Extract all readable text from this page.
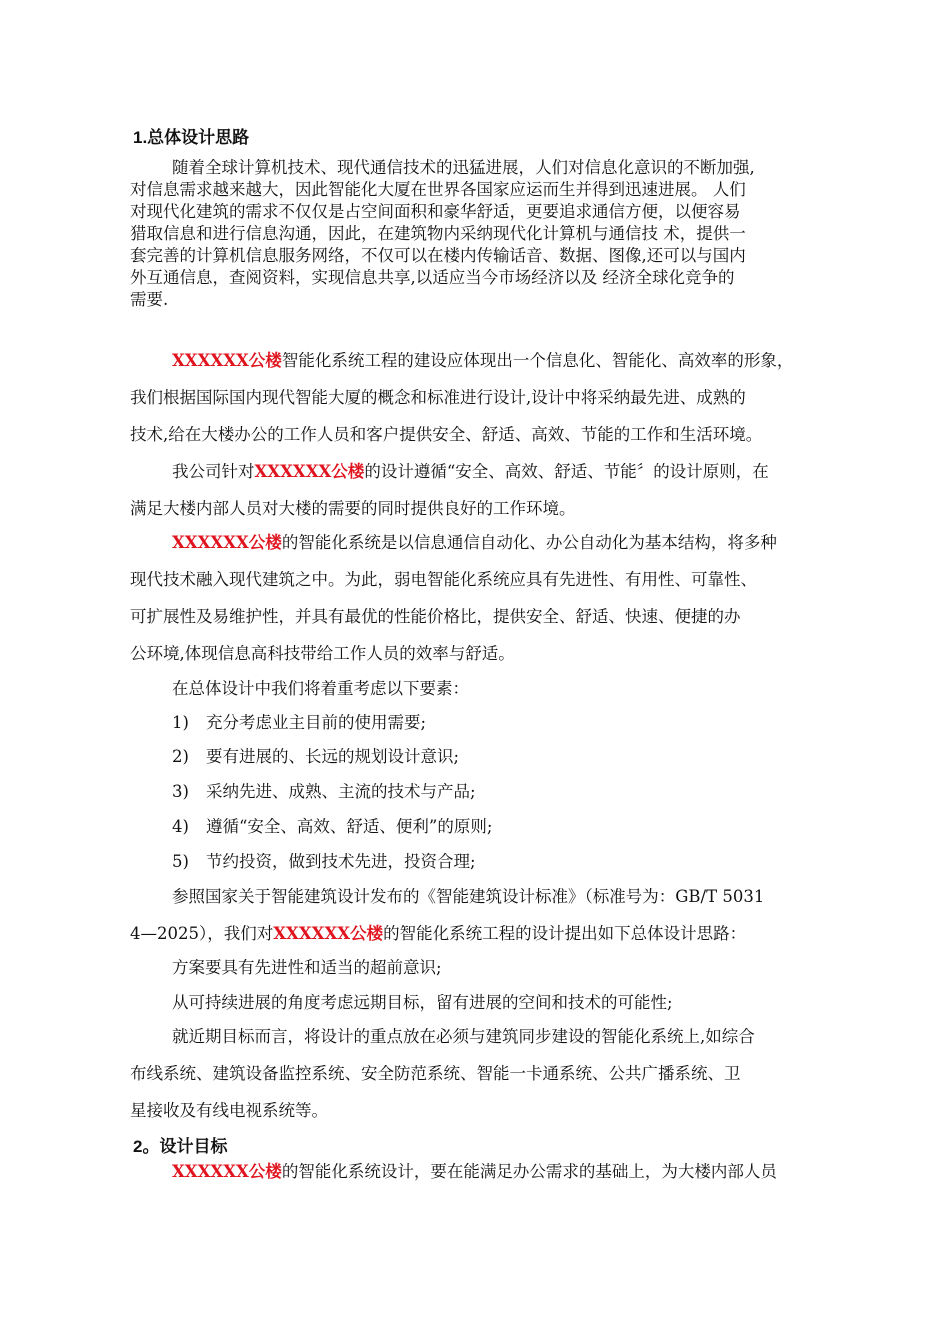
1.总体设计思路
随着全球计算机技术、现代通信技术的迅猛进展，人们对信息化意识的不断加强,
对信息需求越来越大，因此智能化大厦在世界各国家应运而生并得到迅速进展。 人们
对现代化建筑的需求不仅仅是占空间面积和豪华舒适，更要追求通信方便，以便容易
猎取信息和进行信息沟通，因此，在建筑物内采纳现代化计算机与通信技 术，提供一
套完善的计算机信息服务网络，不仅可以在楼内传输话音、数据、图像,还可以与国内
外互通信息，查阅资料，实现信息共享,以适应当今市场经济以及 经济全球化竞争的
需要.
XXXXXX公楼智能化系统工程的建设应体现出一个信息化、智能化、高效率的形象，
我们根据国际国内现代智能大厦的概念和标准进行设计,设计中将采纳最先进、成熟的
技术,给在大楼办公的工作人员和客户提供安全、舒适、高效、节能的工作和生活环境。
我公司针对XXXXXX公楼的设计遵循“安全、高效、舒适、节能〞的设计原则，在
满足大楼内部人员对大楼的需要的同时提供良好的工作环境。
XXXXXX公楼的智能化系统是以信息通信自动化、办公自动化为基本结构，将多种
现代技术融入现代建筑之中。为此，弱电智能化系统应具有先进性、有用性、可靠性、
可扩展性及易维护性，并具有最优的性能价格比，提供安全、舒适、快速、便捷的办
公环境,体现信息高科技带给工作人员的效率与舒适。
在总体设计中我们将着重考虑以下要素：
1) 充分考虑业主目前的使用需要;
2) 要有进展的、长远的规划设计意识;
3) 采纳先进、成熟、主流的技术与产品;
4) 遵循“安全、高效、舒适、便利”的原则;
5) 节约投资，做到技术先进，投资合理;
参照国家关于智能建筑设计发布的《智能建筑设计标准》（标准号为：GB/T 5031
4—2025），我们对XXXXXX公楼的智能化系统工程的设计提出如下总体设计思路：
方案要具有先进性和适当的超前意识;
从可持续进展的角度考虑远期目标，留有进展的空间和技术的可能性;
就近期目标而言，将设计的重点放在必须与建筑同步建设的智能化系统上,如综合
布线系统、建筑设备监控系统、安全防范系统、智能一卡通系统、公共广播系统、卫
星接收及有线电视系统等。
2。设计目标
XXXXXX公楼的智能化系统设计，要在能满足办公需求的基础上，为大楼内部人员
